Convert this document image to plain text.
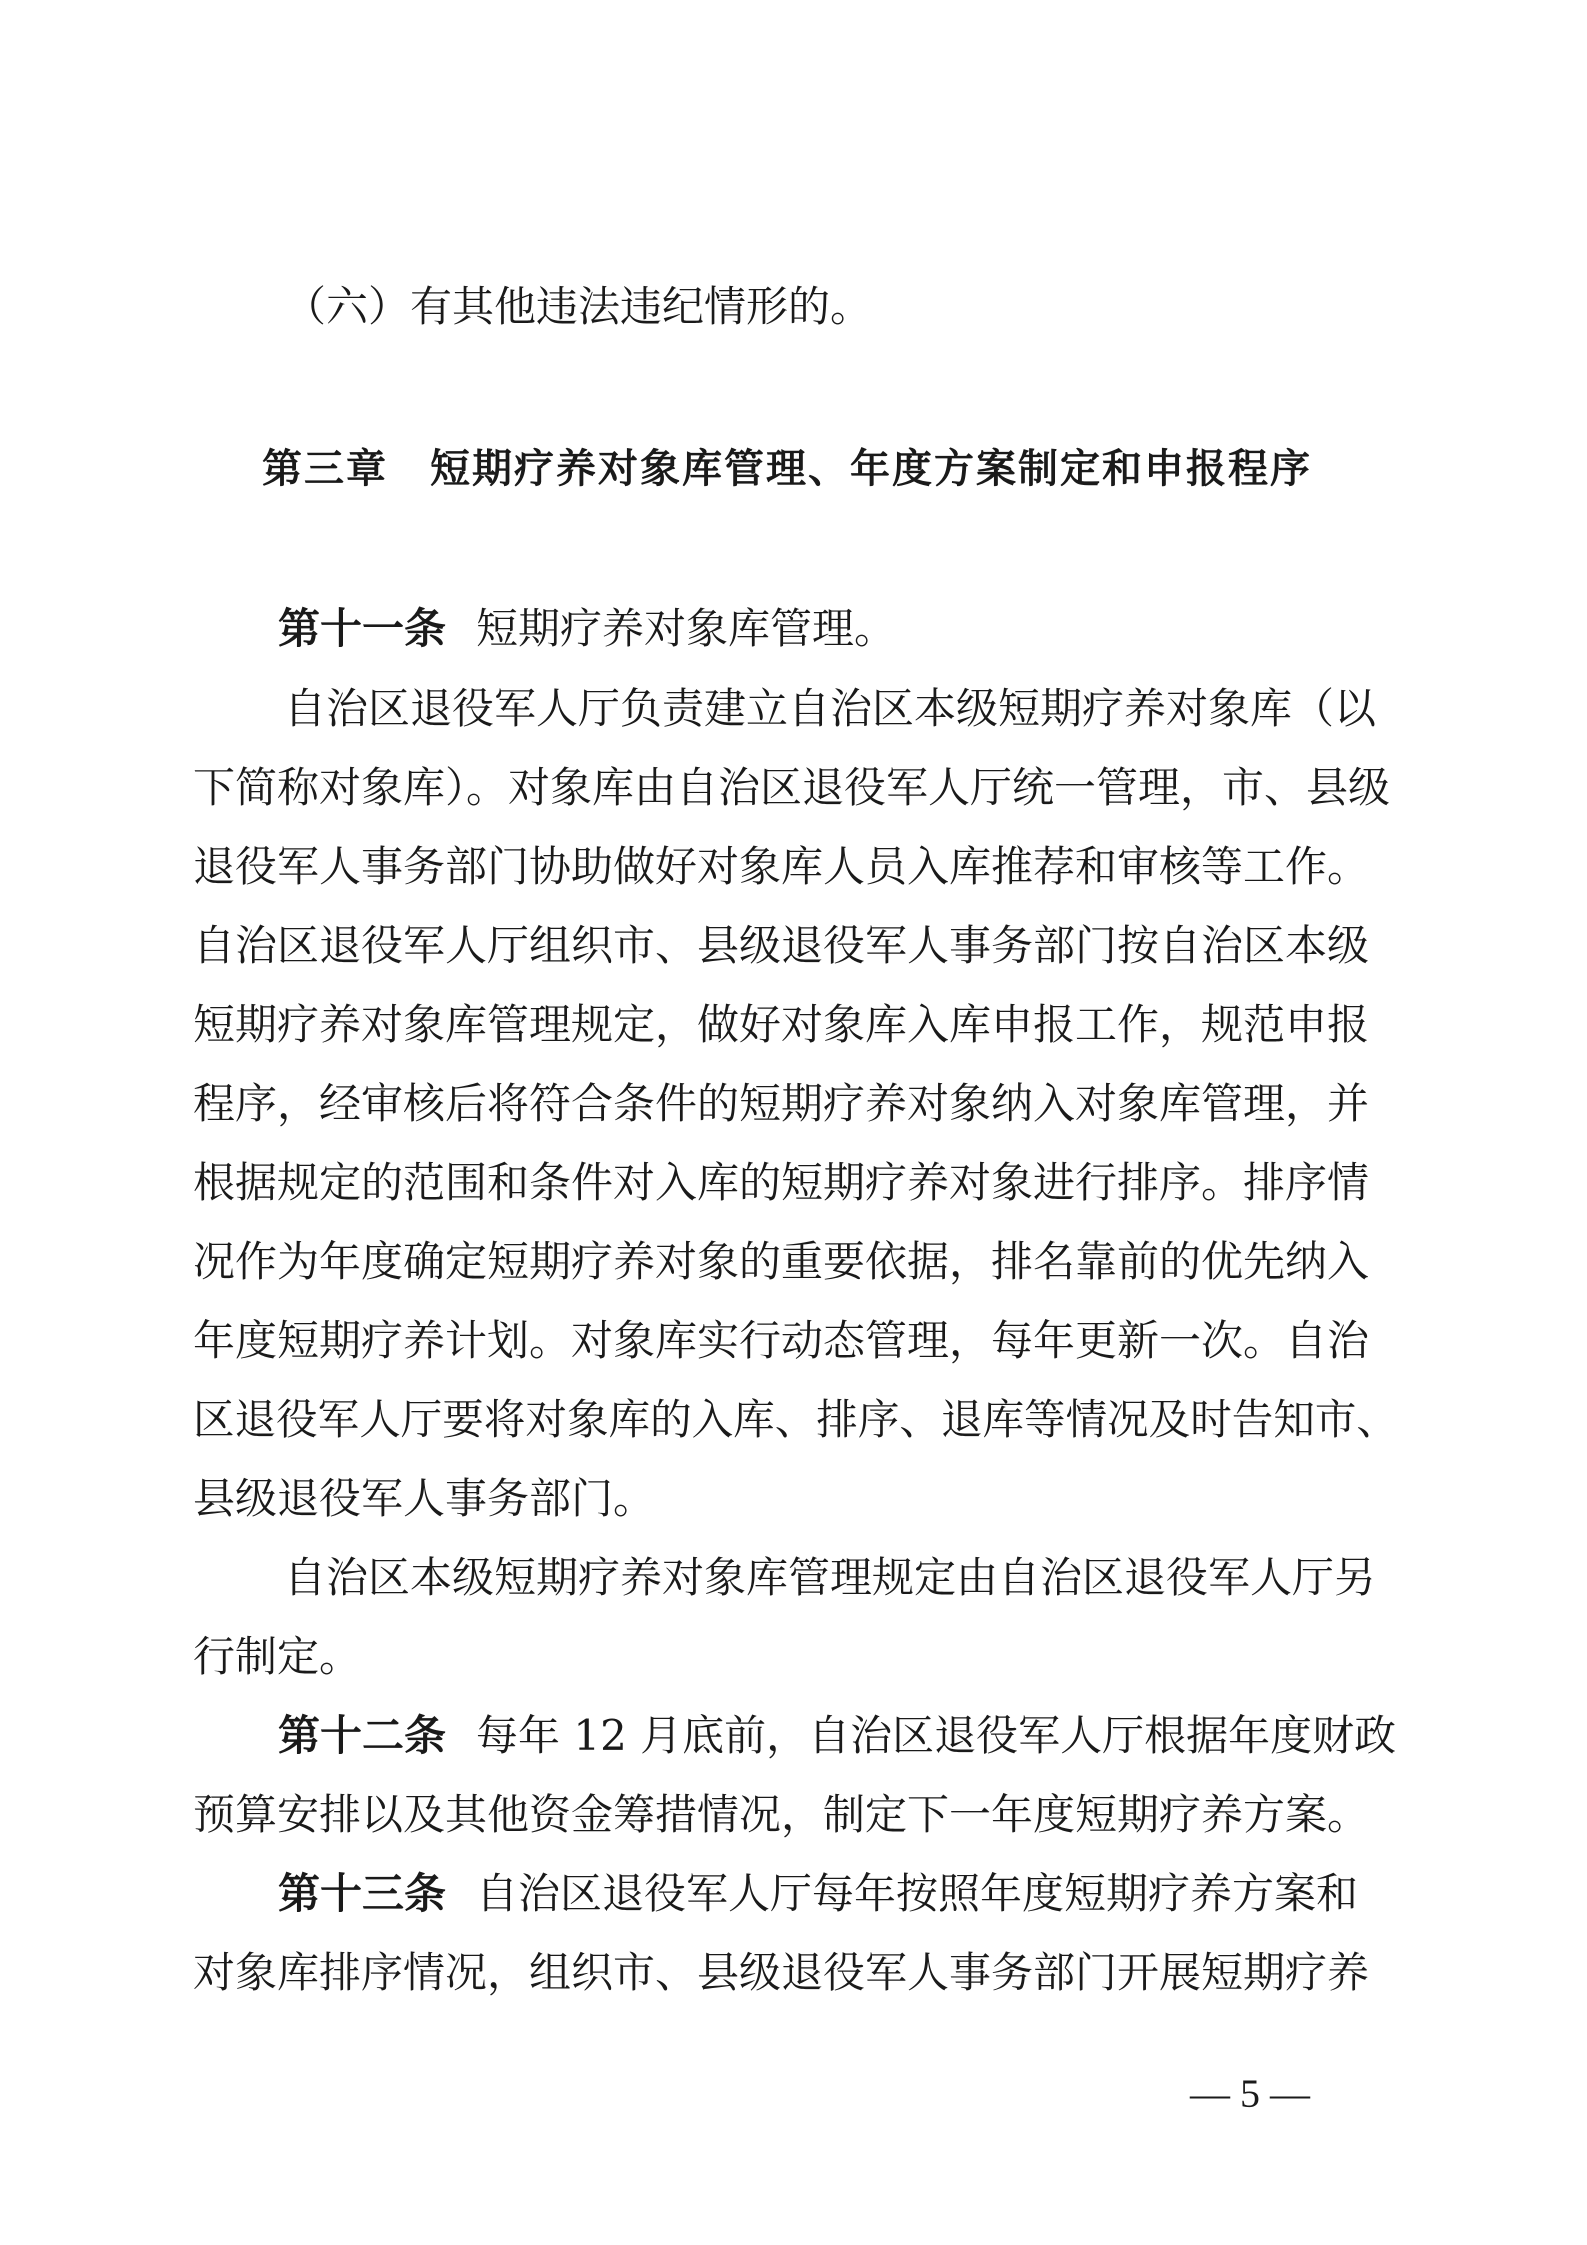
（六）有其他违法违纪情形的。

第三章　短期疗养对象库管理、年度方案制定和申报程序

第十一条 短期疗养对象库管理。

自治区退役军人厅负责建立自治区本级短期疗养对象库（以

下简称对象库）。对象库由自治区退役军人厅统一管理，市、县级

退役军人事务部门协助做好对象库人员入库推荐和审核等工作。

自治区退役军人厅组织市、县级退役军人事务部门按自治区本级

短期疗养对象库管理规定，做好对象库入库申报工作，规范申报

程序，经审核后将符合条件的短期疗养对象纳入对象库管理，并

根据规定的范围和条件对入库的短期疗养对象进行排序。排序情

况作为年度确定短期疗养对象的重要依据，排名靠前的优先纳入

年度短期疗养计划。对象库实行动态管理，每年更新一次。自治

区退役军人厅要将对象库的入库、排序、退库等情况及时告知市、

县级退役军人事务部门。

自治区本级短期疗养对象库管理规定由自治区退役军人厅另

行制定。

第十二条 每年 12 月底前，自治区退役军人厅根据年度财政

预算安排以及其他资金筹措情况，制定下一年度短期疗养方案。

第十三条 自治区退役军人厅每年按照年度短期疗养方案和

对象库排序情况，组织市、县级退役军人事务部门开展短期疗养

— 5 —
